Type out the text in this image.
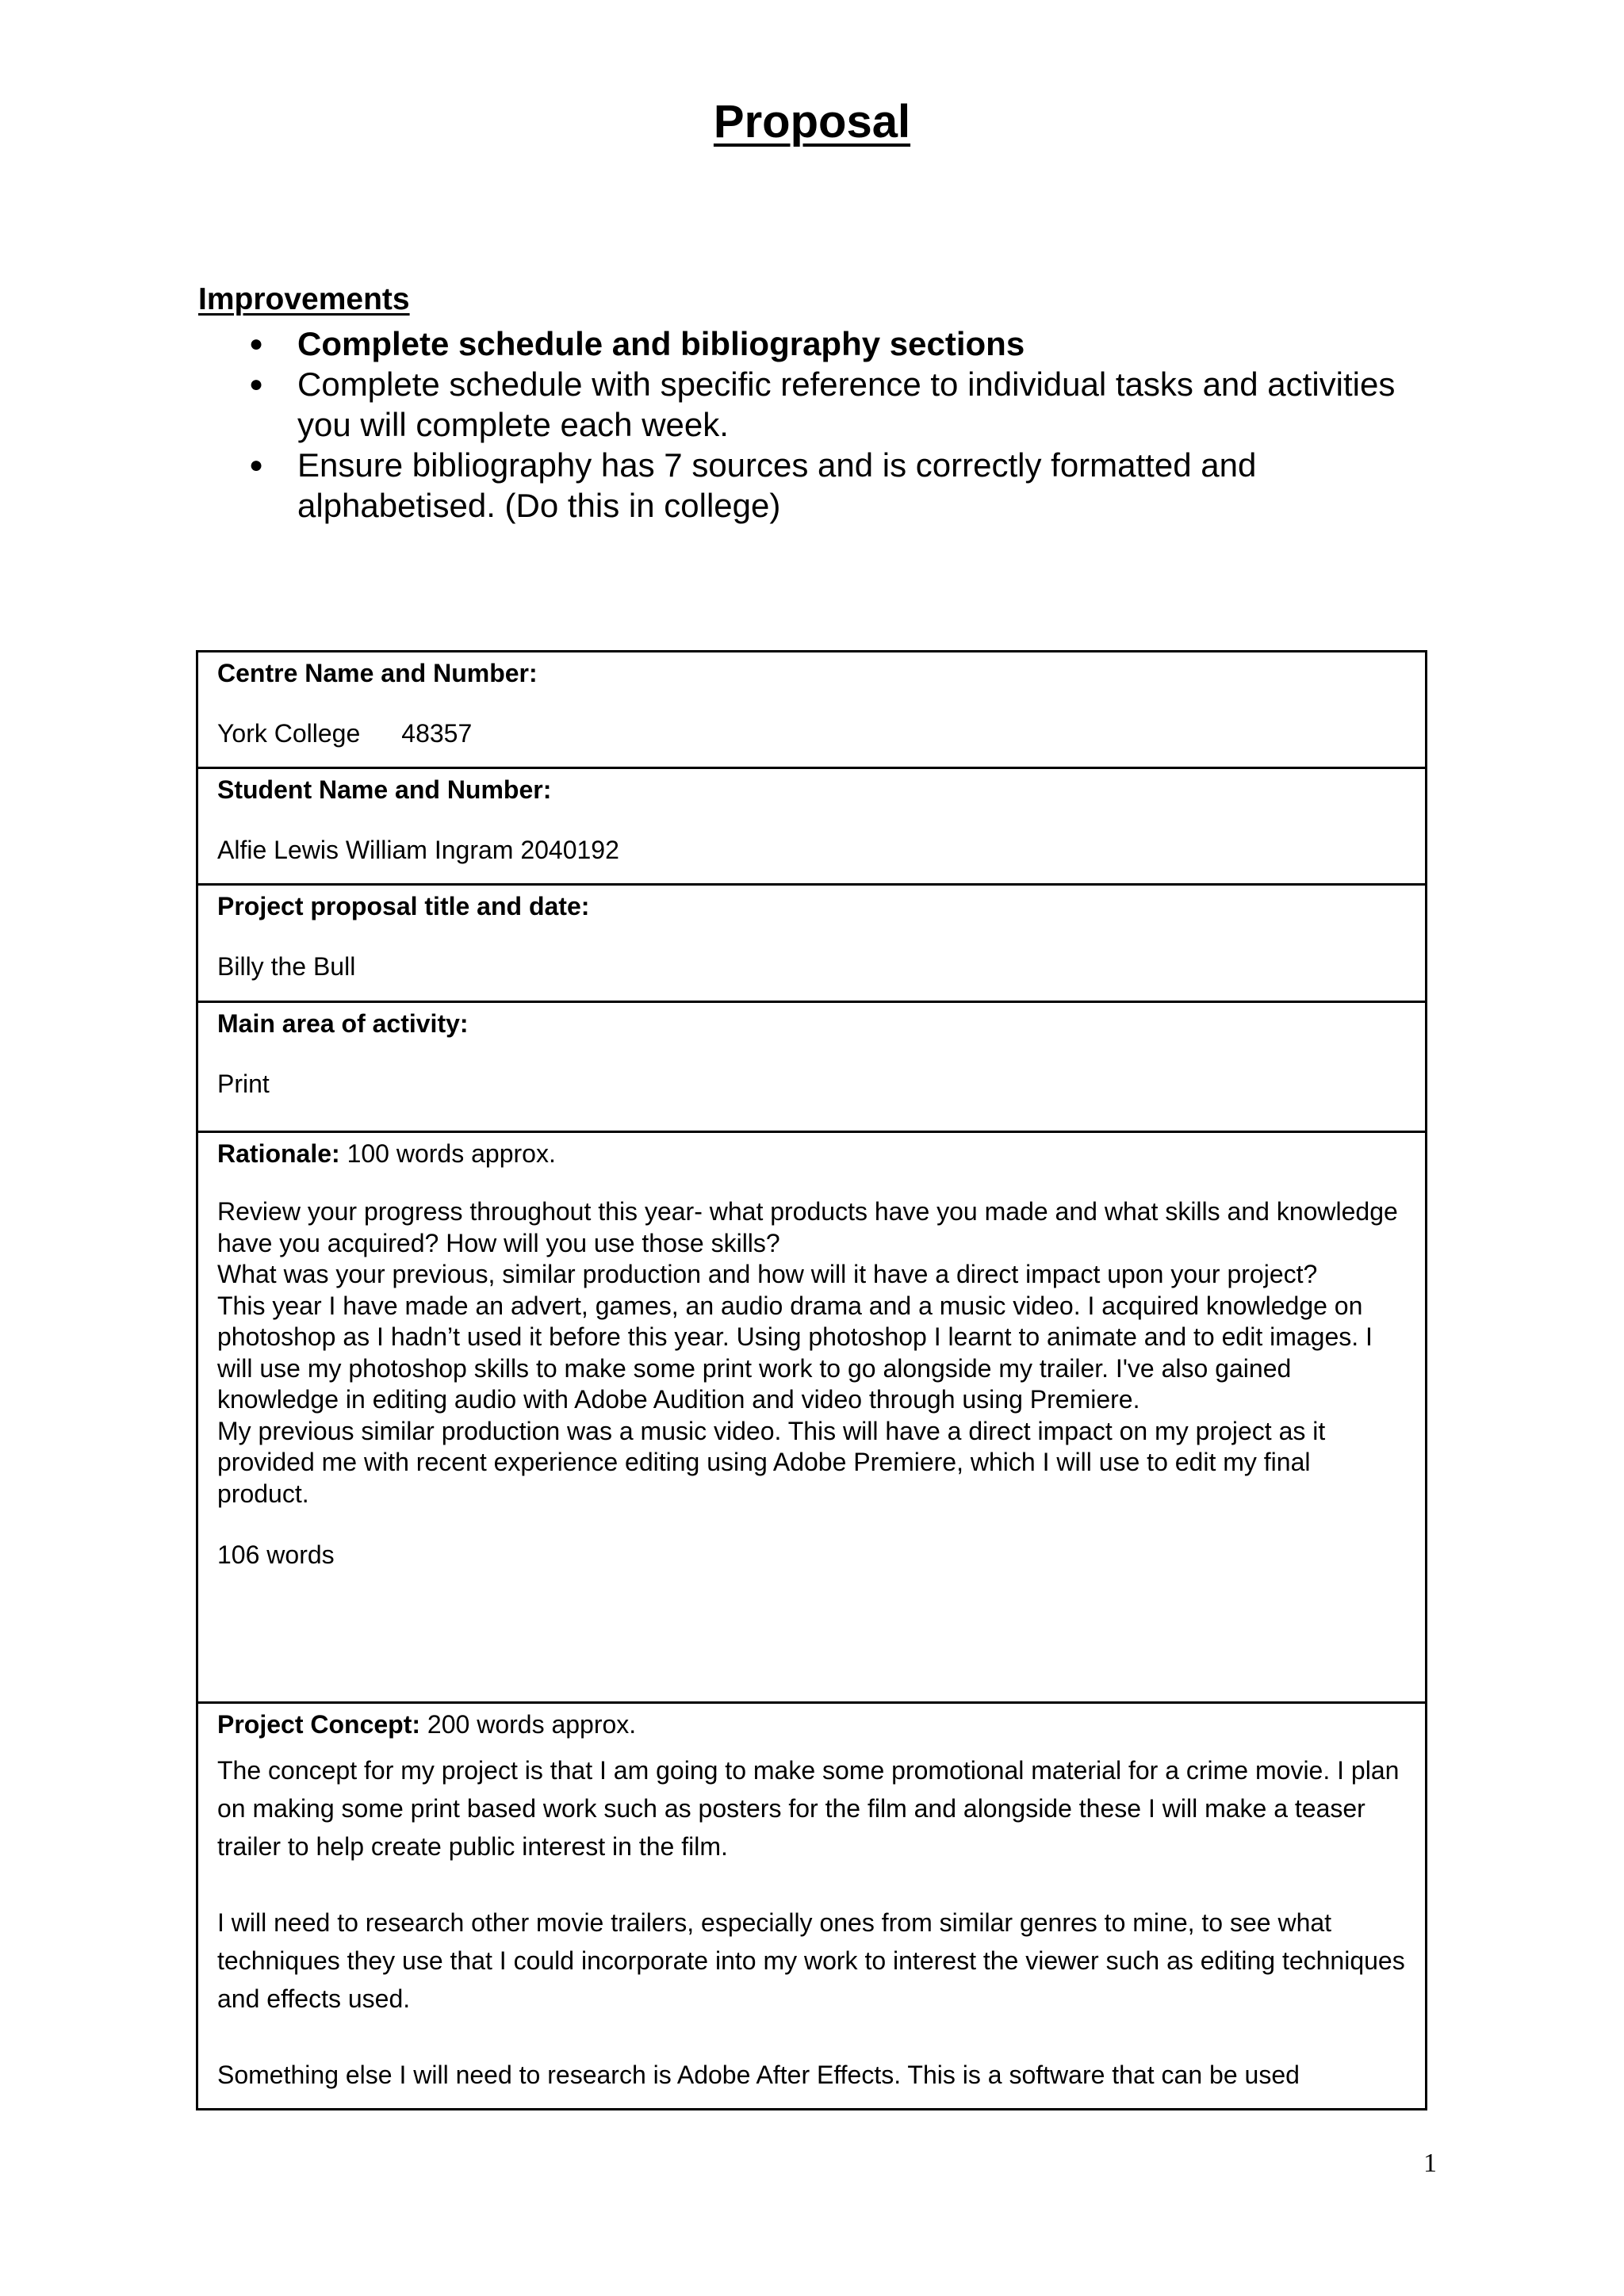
Proposal
Improvements
● Complete schedule and bibliography sections
● Complete schedule with specific reference to individual tasks and activities you will complete each week.
● Ensure bibliography has 7 sources and is correctly formatted and alphabetised. (Do this in college)
Centre Name and Number:
York College 48357
Student Name and Number:
Alfie Lewis William Ingram 2040192
Project proposal title and date:
Billy the Bull
Main area of activity:
Print
Rationale: 100 words approx.

Review your progress throughout this year- what products have you made and what skills and knowledge have you acquired? How will you use those skills?

What was your previous, similar production and how will it have a direct impact upon your project?

This year I have made an advert, games, an audio drama and a music video. I acquired knowledge on photoshop as I hadn’t used it before this year. Using photoshop I learnt to animate and to edit images. I will use my photoshop skills to make some print work to go alongside my trailer. I've also gained knowledge in editing audio with Adobe Audition and video through using Premiere.

My previous similar production was a music video. This will have a direct impact on my project as it provided me with recent experience editing using Adobe Premiere, which I will use to edit my final product.

106 words

Project Concept: 200 words approx.

The concept for my project is that I am going to make some promotional material for a crime movie. I plan on making some print based work such as posters for the film and alongside these I will make a teaser trailer to help create public interest in the film.

I will need to research other movie trailers, especially ones from similar genres to mine, to see what techniques they use that I could incorporate into my work to interest the viewer such as editing techniques and effects used.

Something else I will need to research is Adobe After Effects. This is a software that can be used

1
